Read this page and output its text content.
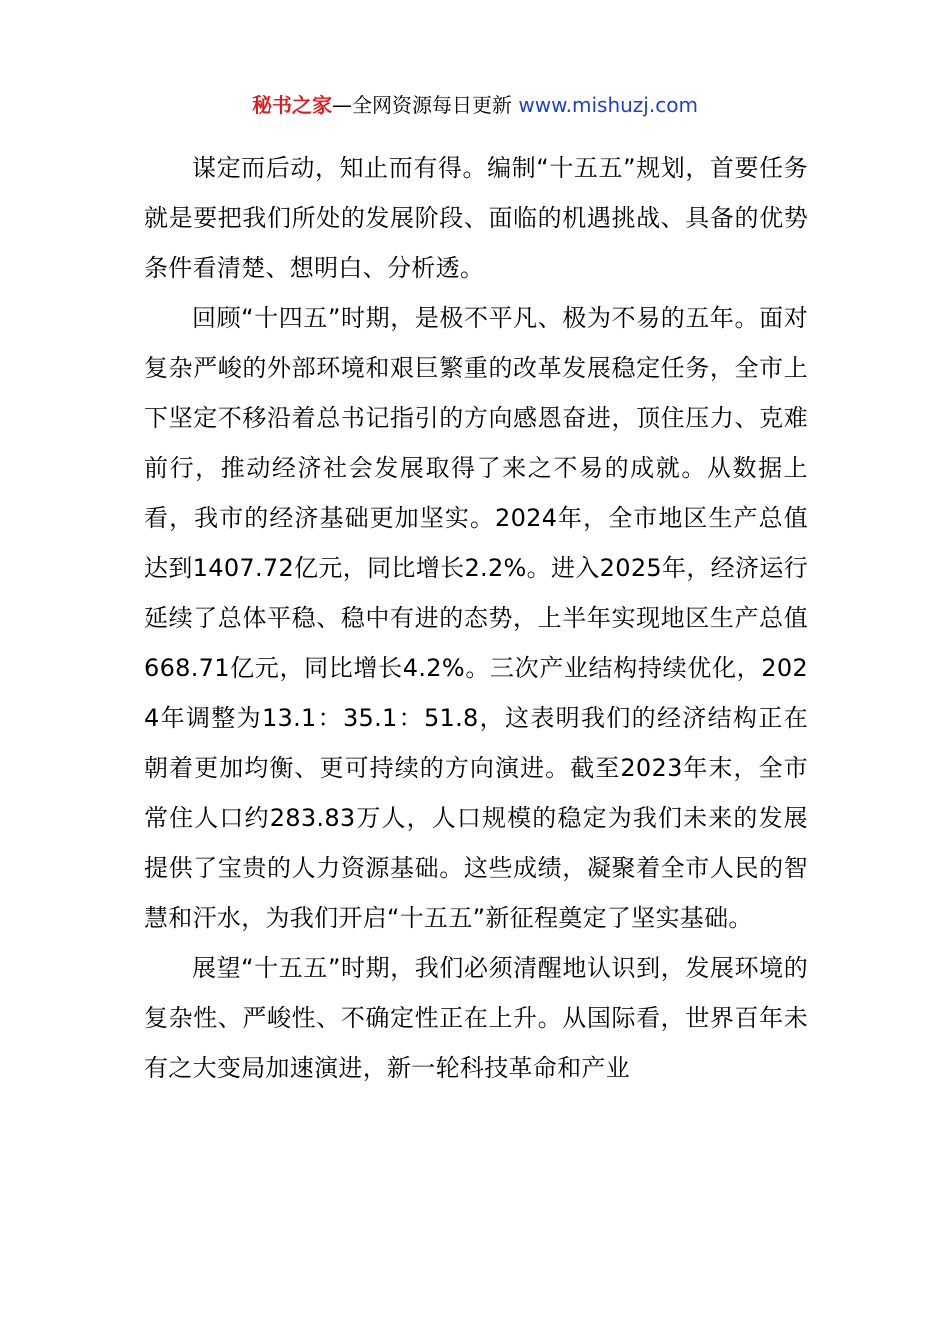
秘书之家—全网资源每日更新 www.mishuzj.com

谋定而后动，知止而有得。编制“十五五”规划，首要任务就是要把我们所处的发展阶段、面临的机遇挑战、具备的优势条件看清楚、想明白、分析透。

回顾“十四五”时期，是极不平凡、极为不易的五年。面对复杂严峻的外部环境和艰巨繁重的改革发展稳定任务，全市上下坚定不移沿着总书记指引的方向感恩奋进，顶住压力、克难前行，推动经济社会发展取得了来之不易的成就。从数据上看，我市的经济基础更加坚实。2024年，全市地区生产总值达到1407.72亿元，同比增长2.2%。进入2025年，经济运行延续了总体平稳、稳中有进的态势，上半年实现地区生产总值668.71亿元，同比增长4.2%。三次产业结构持续优化，2024年调整为13.1：35.1：51.8，这表明我们的经济结构正在朝着更加均衡、更可持续的方向演进。截至2023年末，全市常住人口约283.83万人，人口规模的稳定为我们未来的发展提供了宝贵的人力资源基础。这些成绩，凝聚着全市人民的智慧和汗水，为我们开启“十五五”新征程奠定了坚实基础。

展望“十五五”时期，我们必须清醒地认识到，发展环境的复杂性、严峻性、不确定性正在上升。从国际看，世界百年未有之大变局加速演进，新一轮科技革命和产业
